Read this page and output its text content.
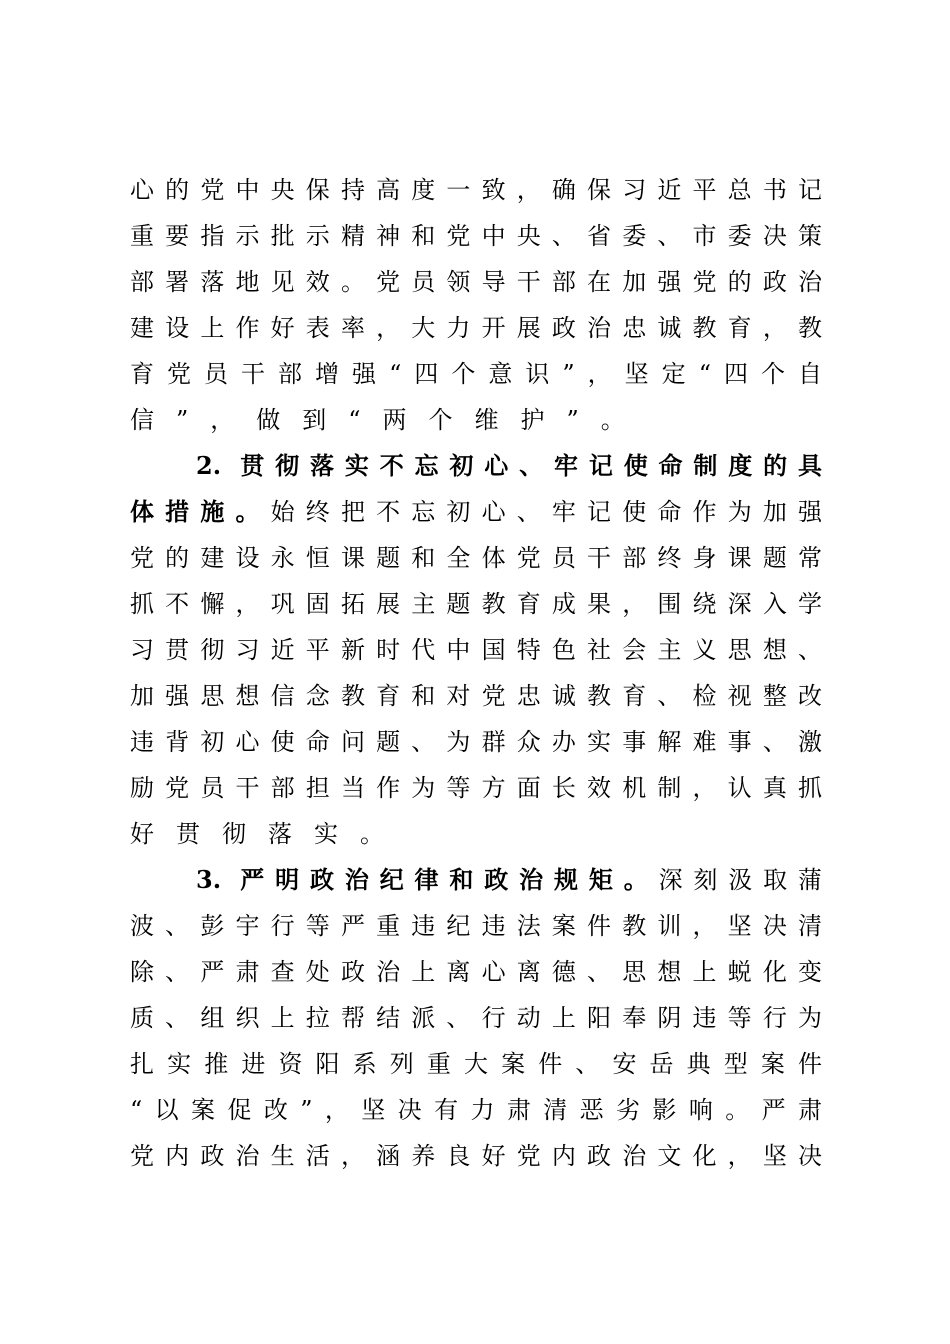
心的党中央保持高度一致，确保习近平总书记
重要指示批示精神和党中央、省委、市委决策
部署落地见效。党员领导干部在加强党的政治
建设上作好表率，大力开展政治忠诚教育，教
育党员干部增强“四个意识”，坚定“四个自
信”，做到“两个维护”。
2. 贯彻落实不忘初心、牢记使命制度的具
体措施。始终把不忘初心、牢记使命作为加强
党的建设永恒课题和全体党员干部终身课题常
抓不懈，巩固拓展主题教育成果，围绕深入学
习贯彻习近平新时代中国特色社会主义思想、
加强思想信念教育和对党忠诚教育、检视整改
违背初心使命问题、为群众办实事解难事、激
励党员干部担当作为等方面长效机制，认真抓
好贯彻落实。
3. 严明政治纪律和政治规矩。深刻汲取蒲
波、彭宇行等严重违纪违法案件教训，坚决清
除、严肃查处政治上离心离德、思想上蜕化变
质、组织上拉帮结派、行动上阳奉阴违等行为
扎实推进资阳系列重大案件、安岳典型案件
“以案促改”，坚决有力肃清恶劣影响。严肃
党内政治生活，涵养良好党内政治文化，坚决
